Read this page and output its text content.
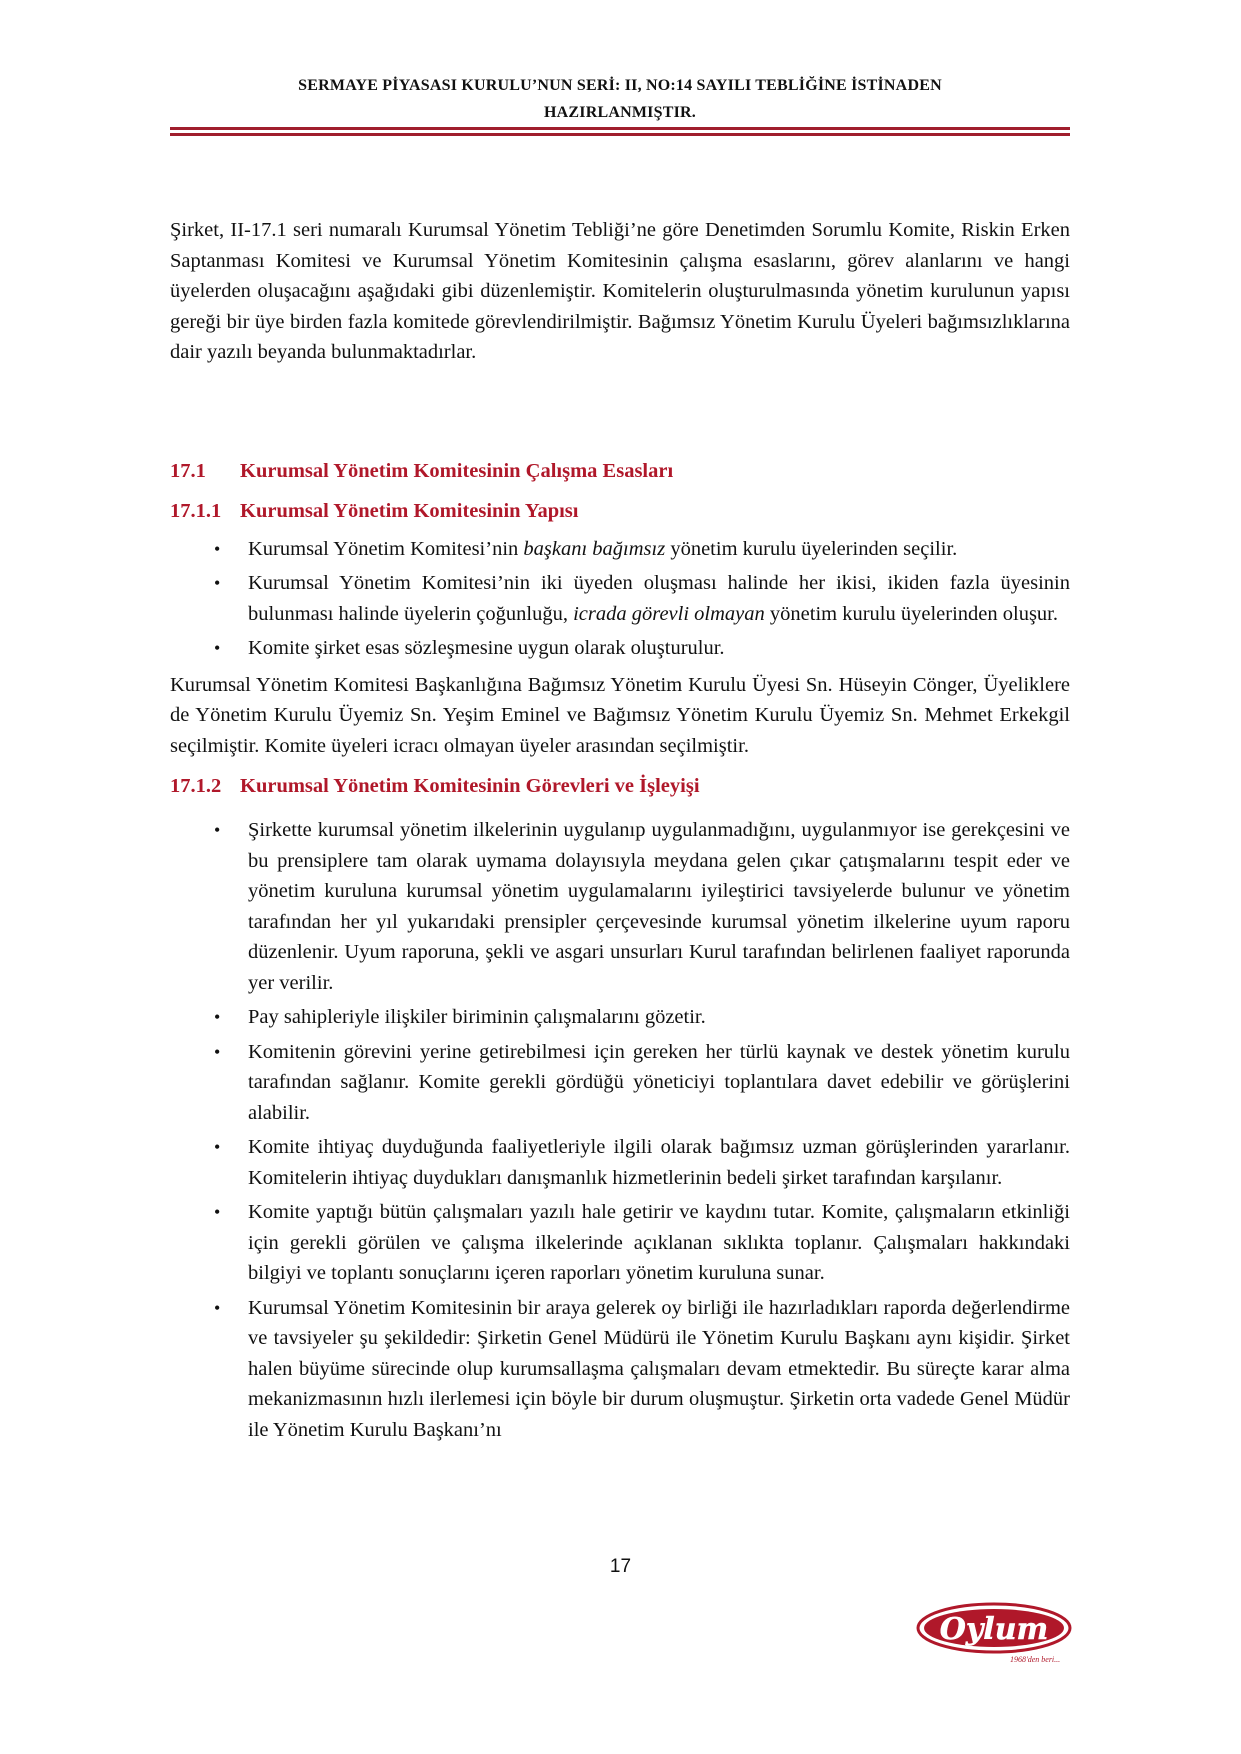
SERMAYE PİYASASI KURULU’NUN SERİ: II, NO:14 SAYILI TEBLİĞİNE İSTİNADEN
HAZIRLANMIŞTIR.

Şirket, II-17.1 seri numaralı Kurumsal Yönetim Tebliği’ne göre Denetimden Sorumlu Komite, Riskin Erken Saptanması Komitesi ve Kurumsal Yönetim Komitesinin çalışma esaslarını, görev alanlarını ve hangi üyelerden oluşacağını aşağıdaki gibi düzenlemiştir. Komitelerin oluşturulmasında yönetim kurulunun yapısı gereği bir üye birden fazla komitede görevlendirilmiştir. Bağımsız Yönetim Kurulu Üyeleri bağımsızlıklarına dair yazılı beyanda bulunmaktadırlar.

17.1 Kurumsal Yönetim Komitesinin Çalışma Esasları
17.1.1 Kurumsal Yönetim Komitesinin Yapısı
• Kurumsal Yönetim Komitesi’nin başkanı bağımsız yönetim kurulu üyelerinden seçilir.
• Kurumsal Yönetim Komitesi’nin iki üyeden oluşması halinde her ikisi, ikiden fazla üyesinin bulunması halinde üyelerin çoğunluğu, icrada görevli olmayan yönetim kurulu üyelerinden oluşur.
• Komite şirket esas sözleşmesine uygun olarak oluşturulur.

Kurumsal Yönetim Komitesi Başkanlığına Bağımsız Yönetim Kurulu Üyesi Sn. Hüseyin Cönger, Üyeliklere de Yönetim Kurulu Üyemiz Sn. Yeşim Eminel ve Bağımsız Yönetim Kurulu Üyemiz Sn. Mehmet Erkekgil seçilmiştir. Komite üyeleri icracı olmayan üyeler arasından seçilmiştir.

17.1.2 Kurumsal Yönetim Komitesinin Görevleri ve İşleyişi
• Şirkette kurumsal yönetim ilkelerinin uygulanıp uygulanmadığını, uygulanmıyor ise gerekçesini ve bu prensiplere tam olarak uymama dolayısıyla meydana gelen çıkar çatışmalarını tespit eder ve yönetim kuruluna kurumsal yönetim uygulamalarını iyileştirici tavsiyelerde bulunur ve yönetim tarafından her yıl yukarıdaki prensipler çerçevesinde kurumsal yönetim ilkelerine uyum raporu düzenlenir. Uyum raporuna, şekli ve asgari unsurları Kurul tarafından belirlenen faaliyet raporunda yer verilir.
• Pay sahipleriyle ilişkiler biriminin çalışmalarını gözetir.
• Komitenin görevini yerine getirebilmesi için gereken her türlü kaynak ve destek yönetim kurulu tarafından sağlanır. Komite gerekli gördüğü yöneticiyi toplantılara davet edebilir ve görüşlerini alabilir.
• Komite ihtiyaç duyduğunda faaliyetleriyle ilgili olarak bağımsız uzman görüşlerinden yararlanır. Komitelerin ihtiyaç duydukları danışmanlık hizmetlerinin bedeli şirket tarafından karşılanır.
• Komite yaptığı bütün çalışmaları yazılı hale getirir ve kaydını tutar. Komite, çalışmaların etkinliği için gerekli görülen ve çalışma ilkelerinde açıklanan sıklıkta toplanır. Çalışmaları hakkındaki bilgiyi ve toplantı sonuçlarını içeren raporları yönetim kuruluna sunar.
• Kurumsal Yönetim Komitesinin bir araya gelerek oy birliği ile hazırladıkları raporda değerlendirme ve tavsiyeler şu şekildedir: Şirketin Genel Müdürü ile Yönetim Kurulu Başkanı aynı kişidir. Şirket halen büyüme sürecinde olup kurumsallaşma çalışmaları devam etmektedir. Bu süreçte karar alma mekanizmasının hızlı ilerlemesi için böyle bir durum oluşmuştur. Şirketin orta vadede Genel Müdür ile Yönetim Kurulu Başkanı’nı
17
Oylum
1968'den beri...
